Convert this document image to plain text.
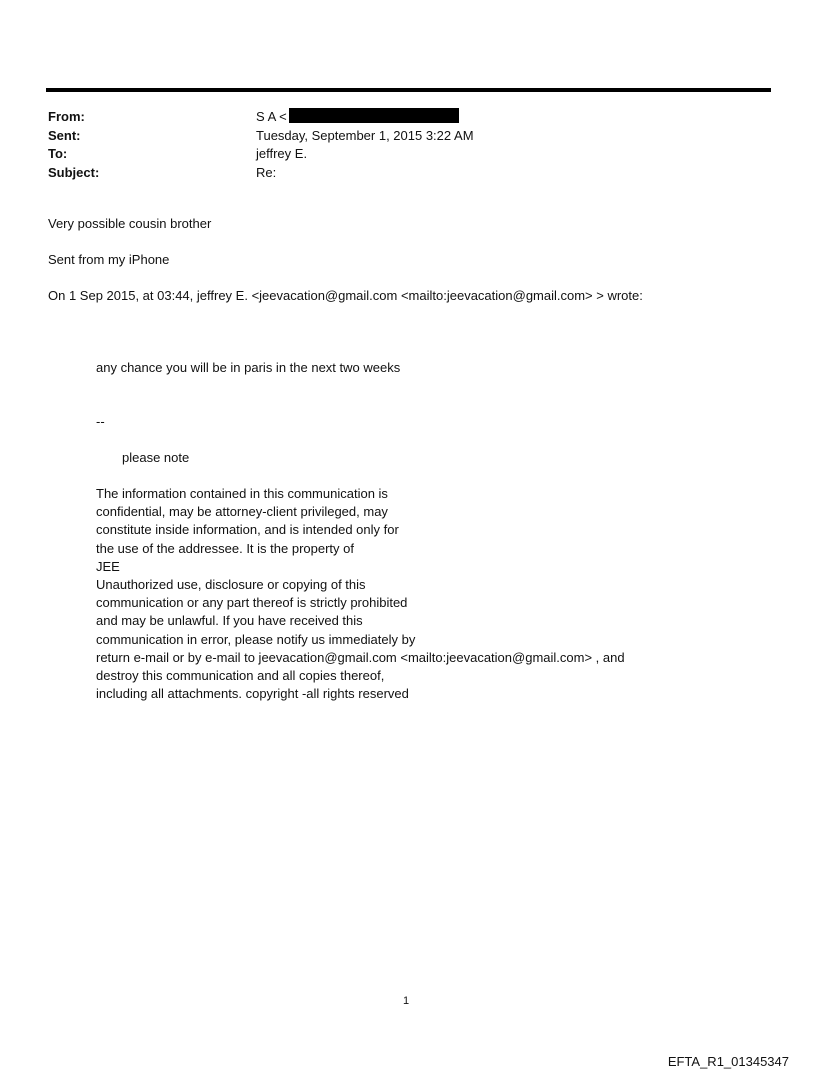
From:	S A <
Sent:	Tuesday, September 1, 2015 3:22 AM
To:	jeffrey E.
Subject:	Re:
Very possible cousin brother
Sent from my iPhone
On 1 Sep 2015, at 03:44, jeffrey E. <jeevacation@gmail.com <mailto:jeevacation@gmail.com> > wrote:
any chance you will be in paris in the next two weeks
--
please note
The information contained in this communication is
confidential, may be attorney-client privileged, may
constitute inside information, and is intended only for
the use of the addressee. It is the property of
JEE
Unauthorized use, disclosure or copying of this
communication or any part thereof is strictly prohibited
and may be unlawful. If you have received this
communication in error, please notify us immediately by
return e-mail or by e-mail to jeevacation@gmail.com <mailto:jeevacation@gmail.com> , and
destroy this communication and all copies thereof,
including all attachments. copyright -all rights reserved
1
EFTA_R1_01345347
